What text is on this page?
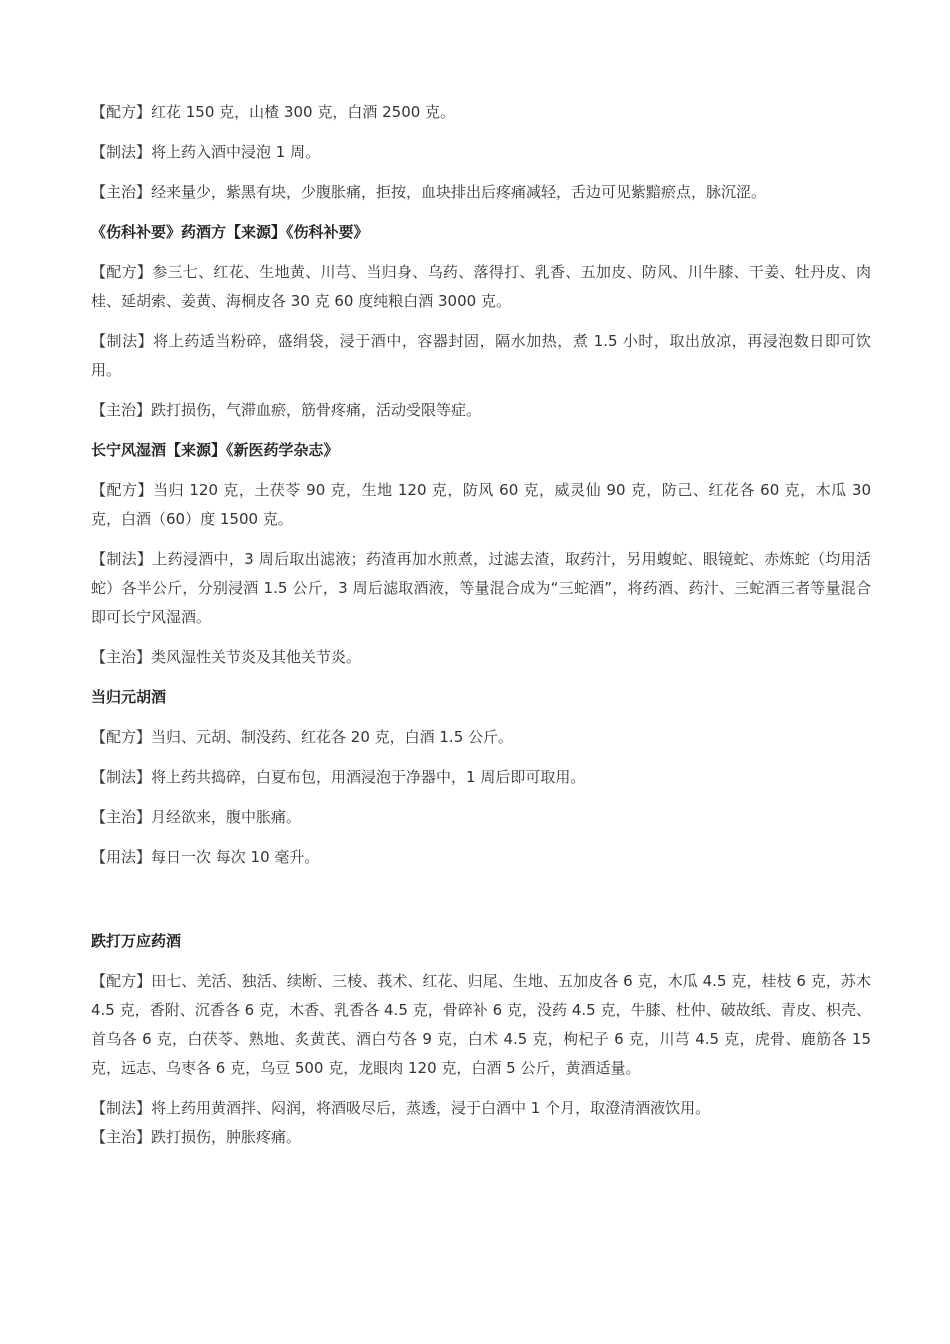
【配方】红花 150 克，山楂 300 克，白酒 2500 克。

【制法】将上药入酒中浸泡 1 周。

【主治】经来量少，紫黑有块，少腹胀痛，拒按，血块排出后疼痛减轻，舌边可见紫黯瘀点，脉沉涩。

《伤科补要》药酒方【来源】《伤科补要》

【配方】参三七、红花、生地黄、川芎、当归身、乌药、落得打、乳香、五加皮、防风、川牛膝、干姜、牡丹皮、肉桂、延胡索、姜黄、海桐皮各 30 克 60 度纯粮白酒 3000 克。

【制法】将上药适当粉碎，盛绢袋，浸于酒中，容器封固，隔水加热，煮 1.5 小时，取出放凉，再浸泡数日即可饮用。

【主治】跌打损伤，气滞血瘀，筋骨疼痛，活动受限等症。

长宁风湿酒【来源】《新医药学杂志》

【配方】当归 120 克，土茯苓 90 克，生地 120 克，防风 60 克，威灵仙 90 克，防己、红花各 60 克，木瓜 30 克，白酒（60）度 1500 克。

【制法】上药浸酒中，3 周后取出滤液；药渣再加水煎煮，过滤去渣，取药汁，另用蝮蛇、眼镜蛇、赤炼蛇（均用活蛇）各半公斤，分别浸酒 1.5 公斤，3 周后滤取酒液，等量混合成为“三蛇酒”，将药酒、药汁、三蛇酒三者等量混合即可长宁风湿酒。

【主治】类风湿性关节炎及其他关节炎。

当归元胡酒

【配方】当归、元胡、制没药、红花各 20 克，白酒 1.5 公斤。

【制法】将上药共捣碎，白夏布包，用酒浸泡于净器中，1 周后即可取用。

【主治】月经欲来，腹中胀痛。

【用法】每日一次 每次 10 毫升。

跌打万应药酒

【配方】田七、羌活、独活、续断、三棱、莪术、红花、归尾、生地、五加皮各 6 克，木瓜 4.5 克，桂枝 6 克，苏木 4.5 克，香附、沉香各 6 克，木香、乳香各 4.5 克，骨碎补 6 克，没药 4.5 克，牛膝、杜仲、破故纸、青皮、枳壳、首乌各 6 克，白茯苓、熟地、炙黄芪、酒白芍各 9 克，白术 4.5 克，枸杞子 6 克，川芎 4.5 克，虎骨、鹿筋各 15 克，远志、乌枣各 6 克，乌豆 500 克，龙眼肉 120 克，白酒 5 公斤，黄酒适量。

【制法】将上药用黄酒拌、闷润，将酒吸尽后，蒸透，浸于白酒中 1 个月，取澄清酒液饮用。

【主治】跌打损伤，肿胀疼痛。
